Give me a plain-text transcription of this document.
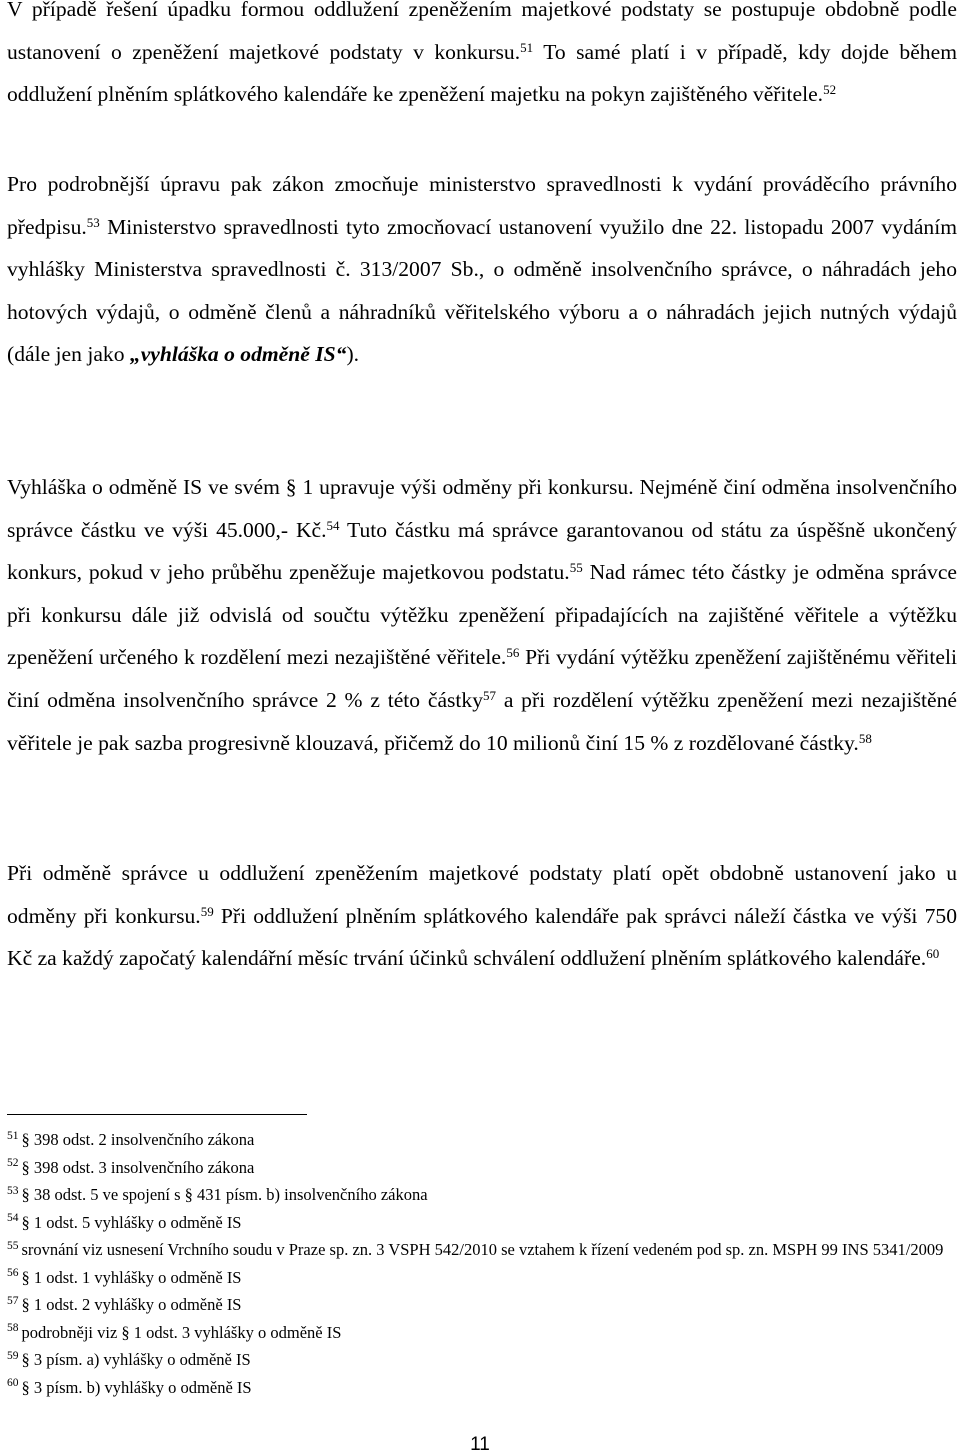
V případě řešení úpadku formou oddlužení zpeněžením majetkové podstaty se postupuje obdobně podle ustanovení o zpeněžení majetkové podstaty v konkursu.$^{51}$ To samé platí i v případě, kdy dojde během oddlužení plněním splátkového kalendáře ke zpeněžení majetku na pokyn zajištěného věřitele.$^{52}$

Pro podrobnější úpravu pak zákon zmocňuje ministerstvo spravedlnosti k vydání prováděcího právního předpisu.$^{53}$ Ministerstvo spravedlnosti tyto zmocňovací ustanovení využilo dne 22. listopadu 2007 vydáním vyhlášky Ministerstva spravedlnosti č. 313/2007 Sb., o odměně insolvenčního správce, o náhradách jeho hotových výdajů, o odměně členů a náhradníků věřitelského výboru a o náhradách jejich nutných výdajů (dále jen jako „vyhláška o odměně IS“).

Vyhláška o odměně IS ve svém § 1 upravuje výši odměny při konkursu. Nejméně činí odměna insolvenčního správce částku ve výši 45.000,- Kč.$^{54}$ Tuto částku má správce garantovanou od státu za úspěšně ukončený konkurs, pokud v jeho průběhu zpeněžuje majetkovou podstatu.$^{55}$ Nad rámec této částky je odměna správce při konkursu dále již odvislá od součtu výtěžku zpeněžení připadajících na zajištěné věřitele a výtěžku zpeněžení určeného k rozdělení mezi nezajištěné věřitele.$^{56}$ Při vydání výtěžku zpeněžení zajištěnému věřiteli činí odměna insolvenčního správce 2 % z této částky$^{57}$ a při rozdělení výtěžku zpeněžení mezi nezajištěné věřitele je pak sazba progresivně klouzavá, přičemž do 10 milionů činí 15 % z rozdělované částky.$^{58}$

Při odměně správce u oddlužení zpeněžením majetkové podstaty platí opět obdobně ustanovení jako u odměny při konkursu.$^{59}$ Při oddlužení plněním splátkového kalendáře pak správci náleží částka ve výši 750 Kč za každý započatý kalendářní měsíc trvání účinků schválení oddlužení plněním splátkového kalendáře.$^{60}$

$^{51}$ § 398 odst. 2 insolvenčního zákona
$^{52}$ § 398 odst. 3 insolvenčního zákona
$^{53}$ § 38 odst. 5 ve spojení s § 431 písm. b) insolvenčního zákona
$^{54}$ § 1 odst. 5 vyhlášky o odměně IS
$^{55}$ srovnání viz usnesení Vrchního soudu v Praze sp. zn. 3 VSPH 542/2010 se vztahem k řízení vedeném pod sp. zn. MSPH 99 INS 5341/2009
$^{56}$ § 1 odst. 1 vyhlášky o odměně IS
$^{57}$ § 1 odst. 2 vyhlášky o odměně IS
$^{58}$ podrobněji viz § 1 odst. 3 vyhlášky o odměně IS
$^{59}$ § 3 písm. a) vyhlášky o odměně IS
$^{60}$ § 3 písm. b) vyhlášky o odměně IS
11
